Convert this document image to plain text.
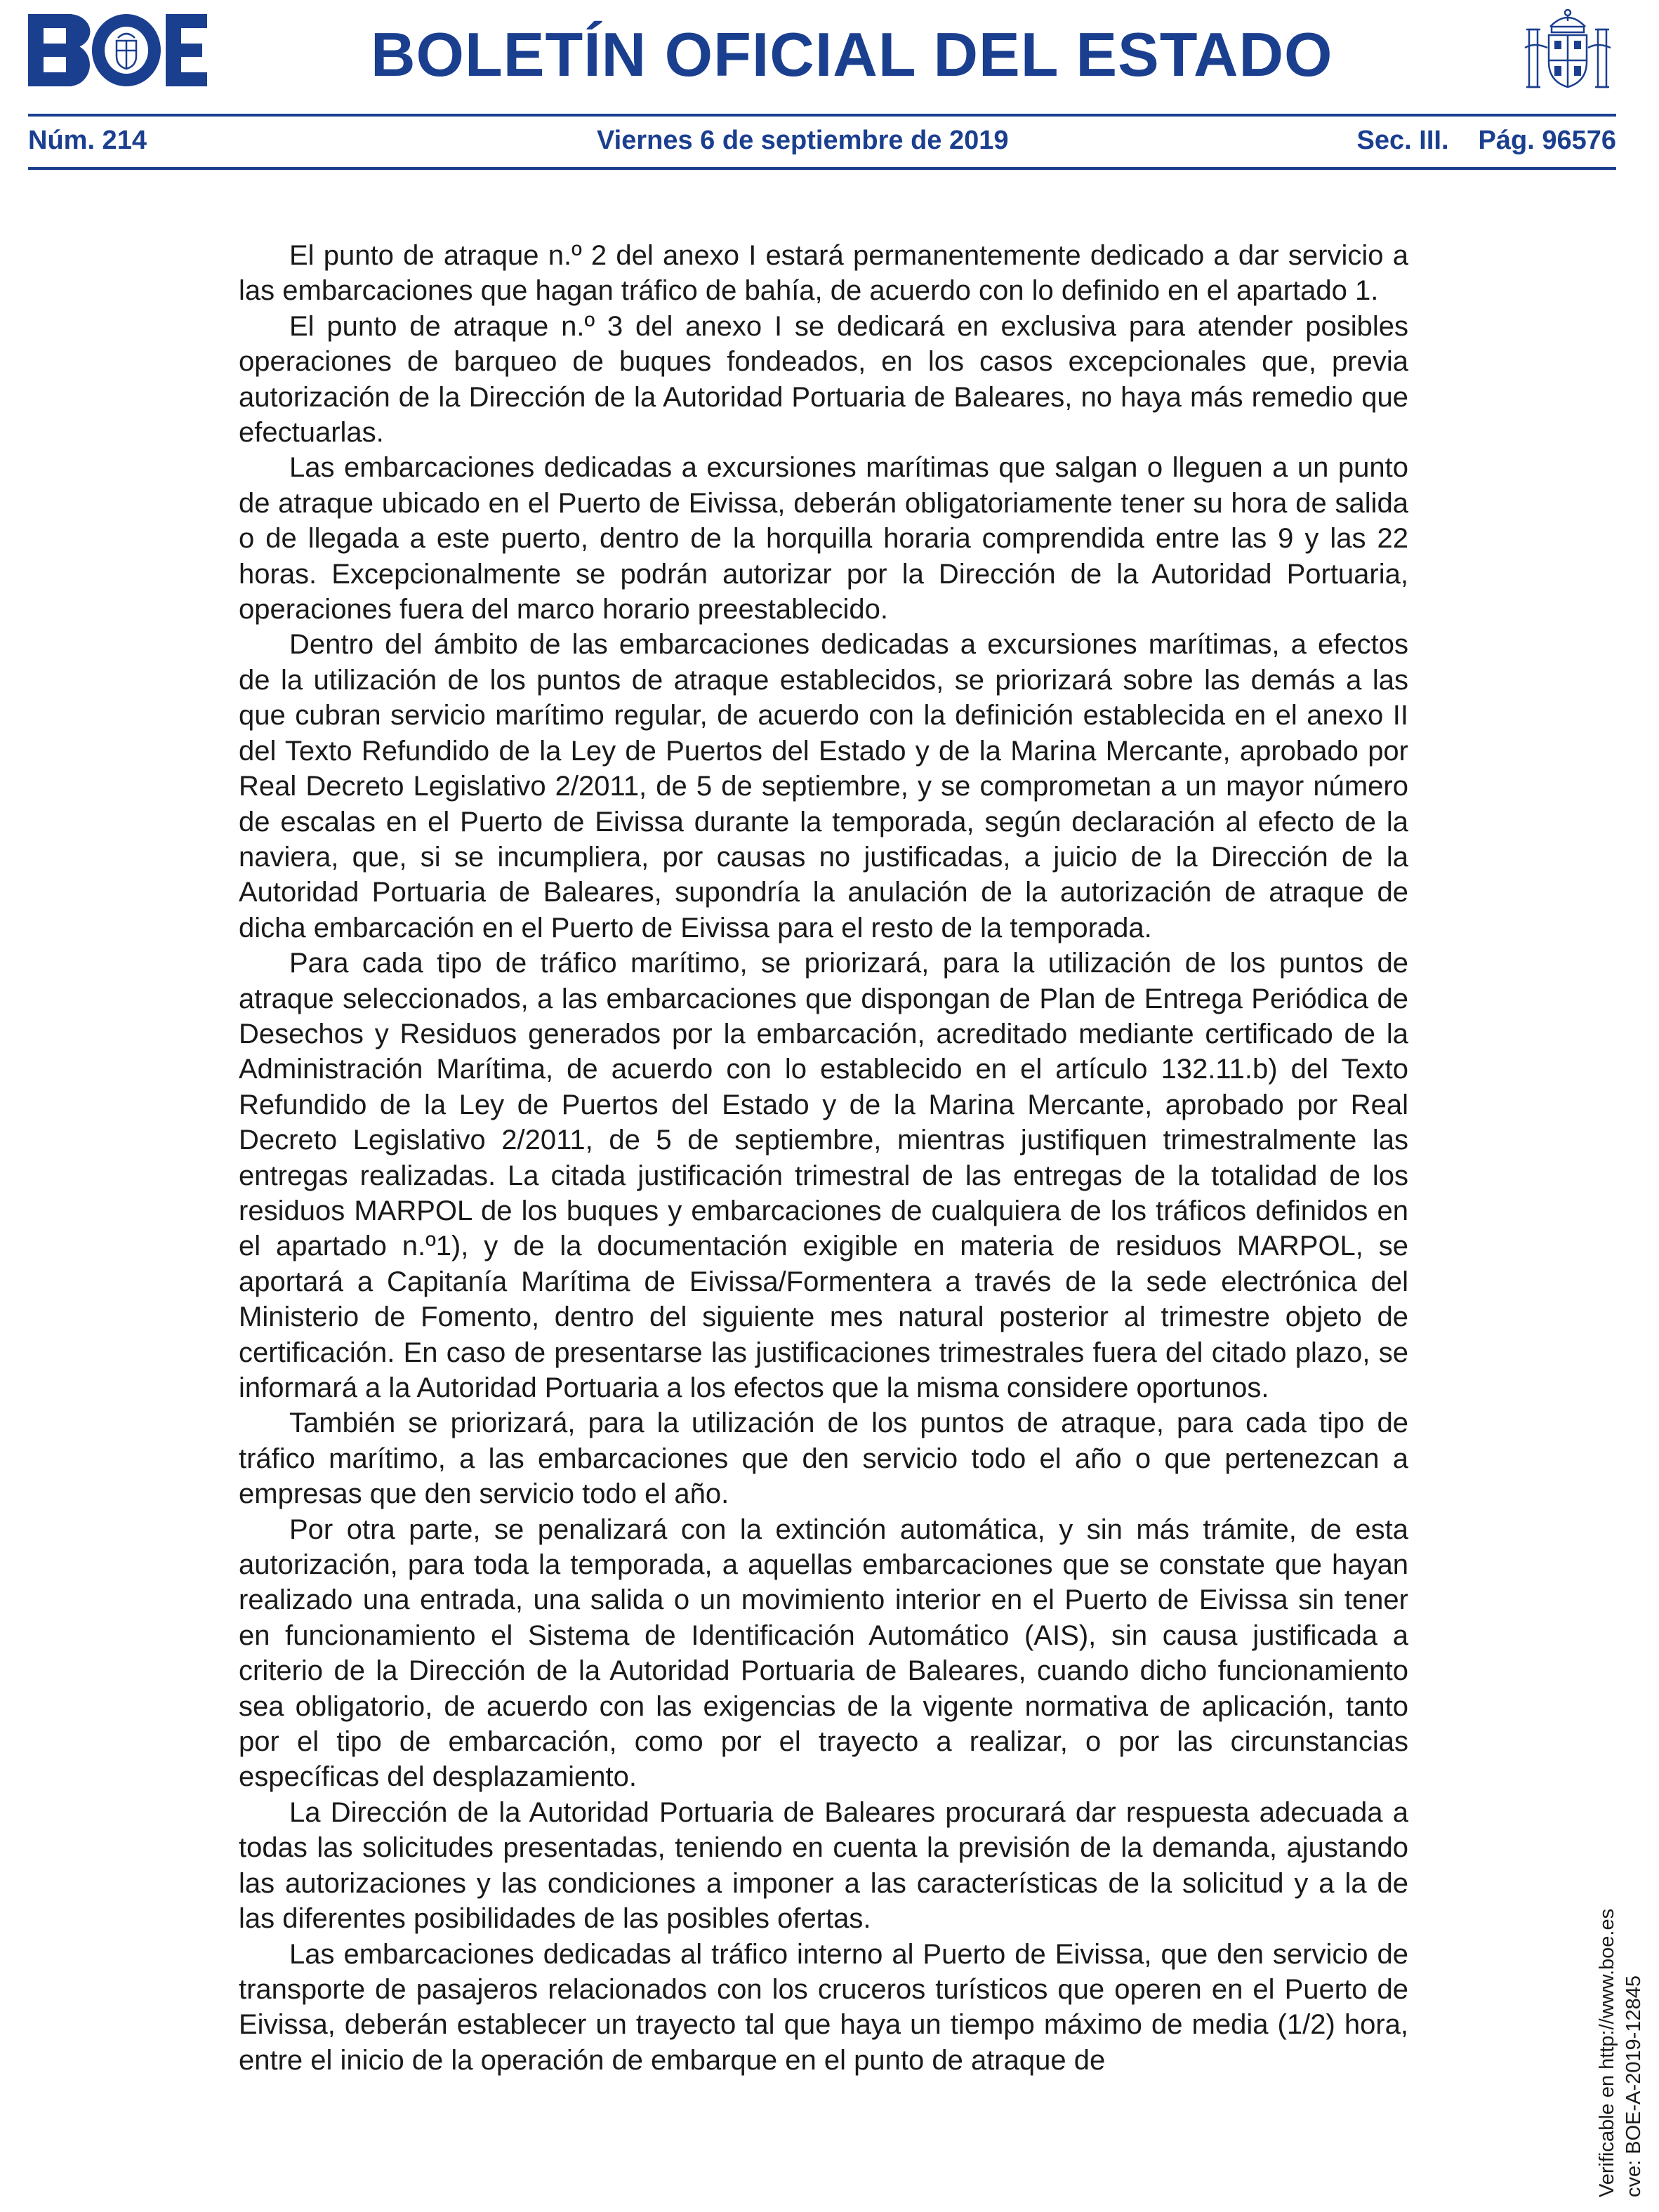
BOLETÍN OFICIAL DEL ESTADO
Núm. 214	Viernes 6 de septiembre de 2019	Sec. III. Pág. 96576

El punto de atraque n.º 2 del anexo I estará permanentemente dedicado a dar servicio a las embarcaciones que hagan tráfico de bahía, de acuerdo con lo definido en el apartado 1.

El punto de atraque n.º 3 del anexo I se dedicará en exclusiva para atender posibles operaciones de barqueo de buques fondeados, en los casos excepcionales que, previa autorización de la Dirección de la Autoridad Portuaria de Baleares, no haya más remedio que efectuarlas.

Las embarcaciones dedicadas a excursiones marítimas que salgan o lleguen a un punto de atraque ubicado en el Puerto de Eivissa, deberán obligatoriamente tener su hora de salida o de llegada a este puerto, dentro de la horquilla horaria comprendida entre las 9 y las 22 horas. Excepcionalmente se podrán autorizar por la Dirección de la Autoridad Portuaria, operaciones fuera del marco horario preestablecido.

Dentro del ámbito de las embarcaciones dedicadas a excursiones marítimas, a efectos de la utilización de los puntos de atraque establecidos, se priorizará sobre las demás a las que cubran servicio marítimo regular, de acuerdo con la definición establecida en el anexo II del Texto Refundido de la Ley de Puertos del Estado y de la Marina Mercante, aprobado por Real Decreto Legislativo 2/2011, de 5 de septiembre, y se comprometan a un mayor número de escalas en el Puerto de Eivissa durante la temporada, según declaración al efecto de la naviera, que, si se incumpliera, por causas no justificadas, a juicio de la Dirección de la Autoridad Portuaria de Baleares, supondría la anulación de la autorización de atraque de dicha embarcación en el Puerto de Eivissa para el resto de la temporada.

Para cada tipo de tráfico marítimo, se priorizará, para la utilización de los puntos de atraque seleccionados, a las embarcaciones que dispongan de Plan de Entrega Periódica de Desechos y Residuos generados por la embarcación, acreditado mediante certificado de la Administración Marítima, de acuerdo con lo establecido en el artículo 132.11.b) del Texto Refundido de la Ley de Puertos del Estado y de la Marina Mercante, aprobado por Real Decreto Legislativo 2/2011, de 5 de septiembre, mientras justifiquen trimestralmente las entregas realizadas. La citada justificación trimestral de las entregas de la totalidad de los residuos MARPOL de los buques y embarcaciones de cualquiera de los tráficos definidos en el apartado n.º1), y de la documentación exigible en materia de residuos MARPOL, se aportará a Capitanía Marítima de Eivissa/Formentera a través de la sede electrónica del Ministerio de Fomento, dentro del siguiente mes natural posterior al trimestre objeto de certificación. En caso de presentarse las justificaciones trimestrales fuera del citado plazo, se informará a la Autoridad Portuaria a los efectos que la misma considere oportunos.

También se priorizará, para la utilización de los puntos de atraque, para cada tipo de tráfico marítimo, a las embarcaciones que den servicio todo el año o que pertenezcan a empresas que den servicio todo el año.

Por otra parte, se penalizará con la extinción automática, y sin más trámite, de esta autorización, para toda la temporada, a aquellas embarcaciones que se constate que hayan realizado una entrada, una salida o un movimiento interior en el Puerto de Eivissa sin tener en funcionamiento el Sistema de Identificación Automático (AIS), sin causa justificada a criterio de la Dirección de la Autoridad Portuaria de Baleares, cuando dicho funcionamiento sea obligatorio, de acuerdo con las exigencias de la vigente normativa de aplicación, tanto por el tipo de embarcación, como por el trayecto a realizar, o por las circunstancias específicas del desplazamiento.

La Dirección de la Autoridad Portuaria de Baleares procurará dar respuesta adecuada a todas las solicitudes presentadas, teniendo en cuenta la previsión de la demanda, ajustando las autorizaciones y las condiciones a imponer a las características de la solicitud y a la de las diferentes posibilidades de las posibles ofertas.

Las embarcaciones dedicadas al tráfico interno al Puerto de Eivissa, que den servicio de transporte de pasajeros relacionados con los cruceros turísticos que operen en el Puerto de Eivissa, deberán establecer un trayecto tal que haya un tiempo máximo de media (1/2) hora, entre el inicio de la operación de embarque en el punto de atraque de	Verificable en http://www.boe.es cve: BOE-A-2019-12845
